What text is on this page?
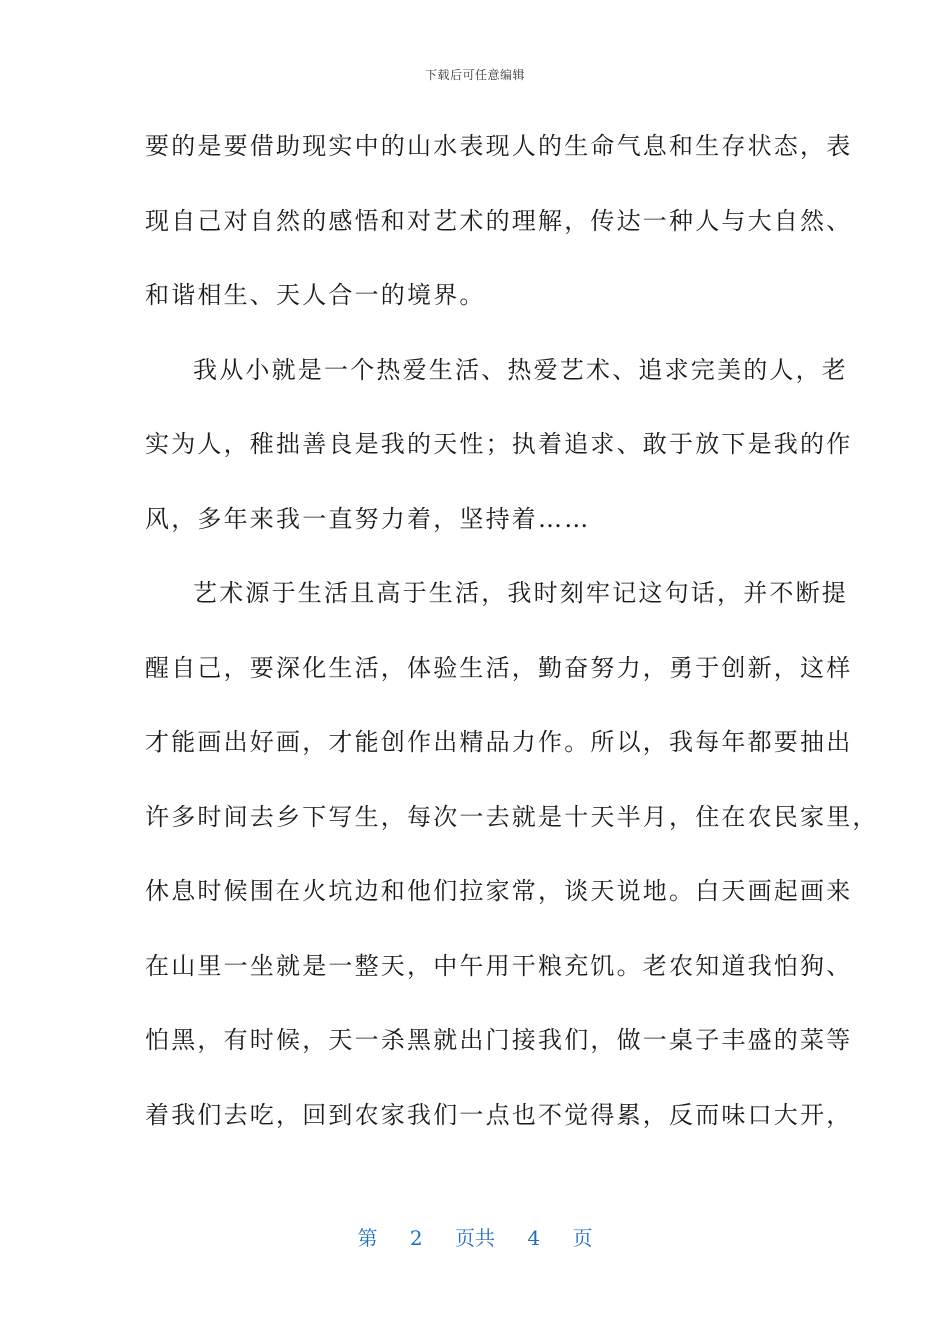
下载后可任意编辑
要的是要借助现实中的山水表现人的生命气息和生存状态，表
现自己对自然的感悟和对艺术的理解，传达一种人与大自然、
和谐相生、天人合一的境界。
我从小就是一个热爱生活、热爱艺术、追求完美的人，老
实为人，稚拙善良是我的天性；执着追求、敢于放下是我的作
风，多年来我一直努力着，坚持着……
艺术源于生活且高于生活，我时刻牢记这句话，并不断提
醒自己，要深化生活，体验生活，勤奋努力，勇于创新，这样
才能画出好画，才能创作出精品力作。所以，我每年都要抽出
许多时间去乡下写生，每次一去就是十天半月，住在农民家里，
休息时候围在火坑边和他们拉家常，谈天说地。白天画起画来
在山里一坐就是一整天，中午用干粮充饥。老农知道我怕狗、
怕黑，有时候，天一杀黑就出门接我们，做一桌子丰盛的菜等
着我们去吃，回到农家我们一点也不觉得累，反而味口大开，
第 2 页共 4 页
